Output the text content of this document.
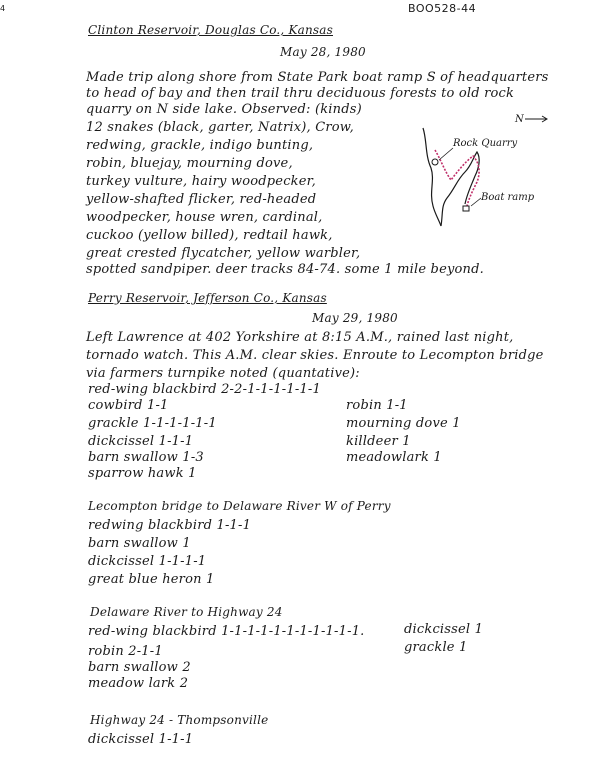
4	BOO528-44
Clinton Reservoir, Douglas Co., Kansas
May 28, 1980
Made trip along shore from State Park boat ramp S of headquarters
to head of bay and then trail thru deciduous forests to old rock
quarry on N side lake. Observed: (kinds)
12 snakes (black, garter, Natrix), Crow,
redwing, grackle, indigo bunting,
robin, bluejay, mourning dove,
turkey vulture, hairy woodpecker,
yellow-shafted flicker, red-headed
woodpecker, house wren, cardinal,
cuckoo (yellow billed), redtail hawk,
great crested flycatcher, yellow warbler,
spotted sandpiper. deer tracks 84-74. some 1 mile beyond.
N
Rock Quarry
Boat ramp
Perry Reservoir, Jefferson Co., Kansas
May 29, 1980
Left Lawrence at 402 Yorkshire at 8:15 A.M., rained last night,
tornado watch. This A.M. clear skies. Enroute to Lecompton bridge
via farmers turnpike noted (quantative):
red-wing blackbird 2-2-1-1-1-1-1-1
cowbird 1-1
grackle 1-1-1-1-1-1
dickcissel 1-1-1
barn swallow 1-3
sparrow hawk 1
robin 1-1
mourning dove 1
killdeer 1
meadowlark 1
Lecompton bridge to Delaware River W of Perry
redwing blackbird 1-1-1
barn swallow 1
dickcissel 1-1-1-1
great blue heron 1
Delaware River to Highway 24
red-wing blackbird 1-1-1-1-1-1-1-1-1-1-1.
robin 2-1-1
barn swallow 2
meadow lark 2
dickcissel 1
grackle 1
Highway 24 - Thompsonville
dickcissel 1-1-1
